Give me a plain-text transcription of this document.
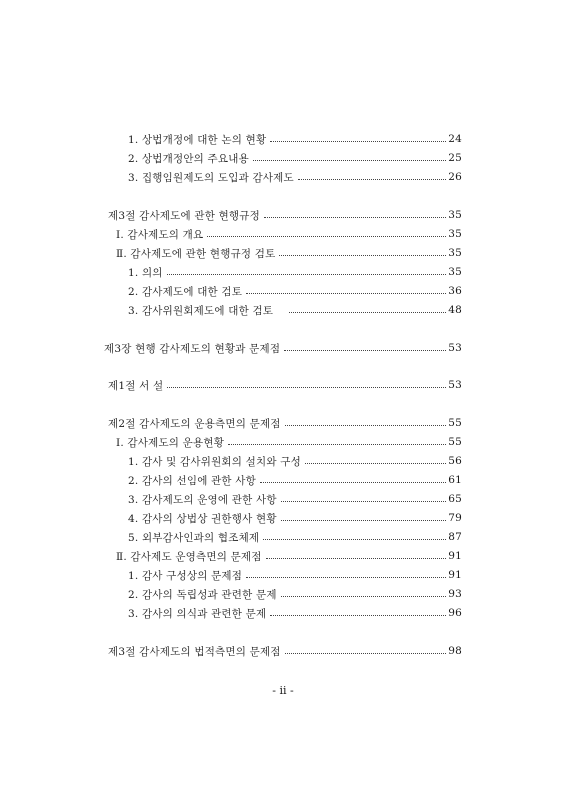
1. 상법개정에 대한 논의 현황	24
2. 상법개정안의 주요내용	25
3. 집행임원제도의 도입과 감사제도	26
제3절 감사제도에 관한 현행규정	35
Ⅰ. 감사제도의 개요	35
Ⅱ. 감사제도에 관한 현행규정 검토	35
1. 의의	35
2. 감사제도에 대한 검토	36
3. 감사위원회제도에 대한 검토	48
제3장 현행 감사제도의 현황과 문제점	53
제1절 서 설	53
제2절 감사제도의 운용측면의 문제점	55
Ⅰ. 감사제도의 운용현황	55
1. 감사 및 감사위원회의 설치와 구성	56
2. 감사의 선임에 관한 사항	61
3. 감사제도의 운영에 관한 사항	65
4. 감사의 상법상 권한행사 현황	79
5. 외부감사인과의 협조체제	87
Ⅱ. 감사제도 운영측면의 문제점	91
1. 감사 구성상의 문제점	91
2. 감사의 독립성과 관련한 문제	93
3. 감사의 의식과 관련한 문제	96
제3절 감사제도의 법적측면의 문제점	98
- ii -
